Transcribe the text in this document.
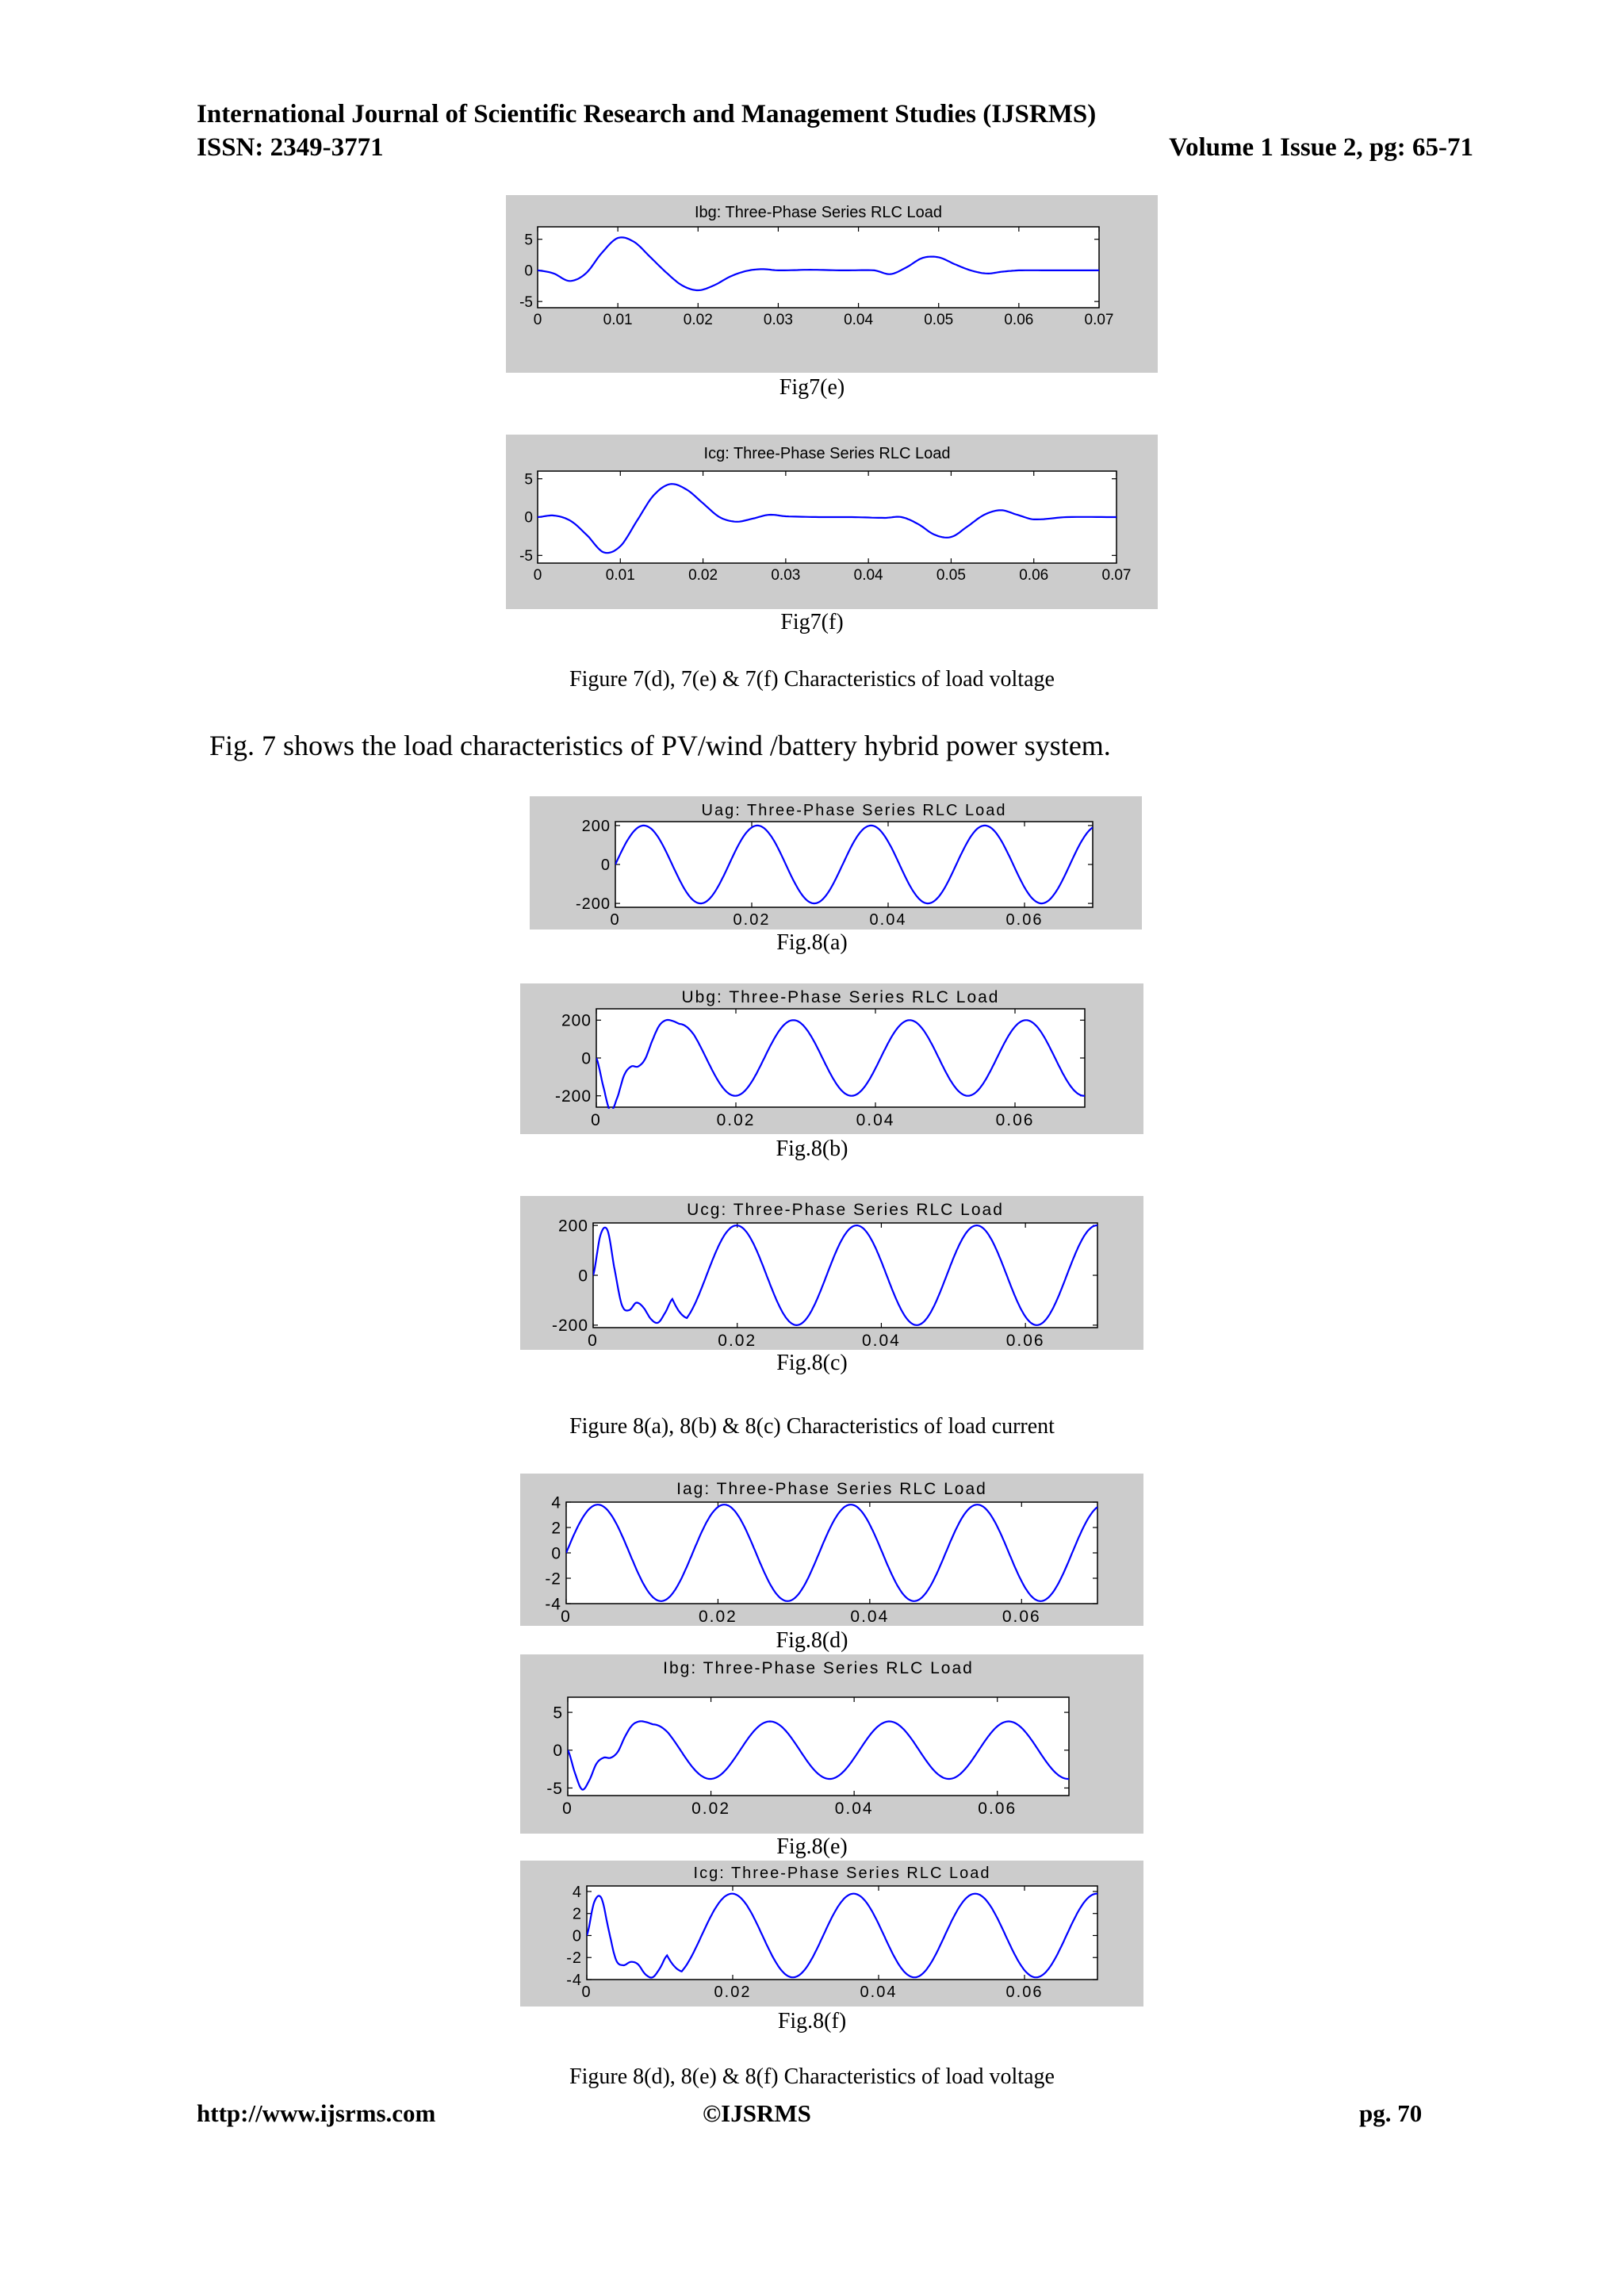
International Journal of Scientific Research and Management Studies (IJSRMS)
ISSN: 2349-3771	Volume 1 Issue 2, pg: 65-71
Ibg: Three-Phase Series RLC Load
0	0.01	0.02	0.03	0.04	0.05	0.06	0.07
5
0
-5
Fig7(e)
Icg: Three-Phase Series RLC Load
0	0.01	0.02	0.03	0.04	0.05	0.06	0.07
5
0
-5
Fig7(f)
Figure 7(d), 7(e) & 7(f) Characteristics of load voltage
Fig. 7 shows the load characteristics of PV/wind /battery hybrid power system.
Uag: Three-Phase Series RLC Load
0	0.02	0.04	0.06
200
0
-200
Fig.8(a)
Ubg: Three-Phase Series RLC Load
0	0.02	0.04	0.06
200
0
-200
Fig.8(b)
Ucg: Three-Phase Series RLC Load
0	0.02	0.04	0.06
200
0
-200
Fig.8(c)
Figure 8(a), 8(b) & 8(c) Characteristics of load current
Iag: Three-Phase Series RLC Load
0	0.02	0.04	0.06
4
2
0
-2
-4
Fig.8(d)
Ibg: Three-Phase Series RLC Load
0	0.02	0.04	0.06
5
0
-5
Fig.8(e)
Icg: Three-Phase Series RLC Load
0	0.02	0.04	0.06
4
2
0
-2
-4
Fig.8(f)
Figure 8(d), 8(e) & 8(f) Characteristics of load voltage
http://www.ijsrms.com	©IJSRMS	pg. 70
